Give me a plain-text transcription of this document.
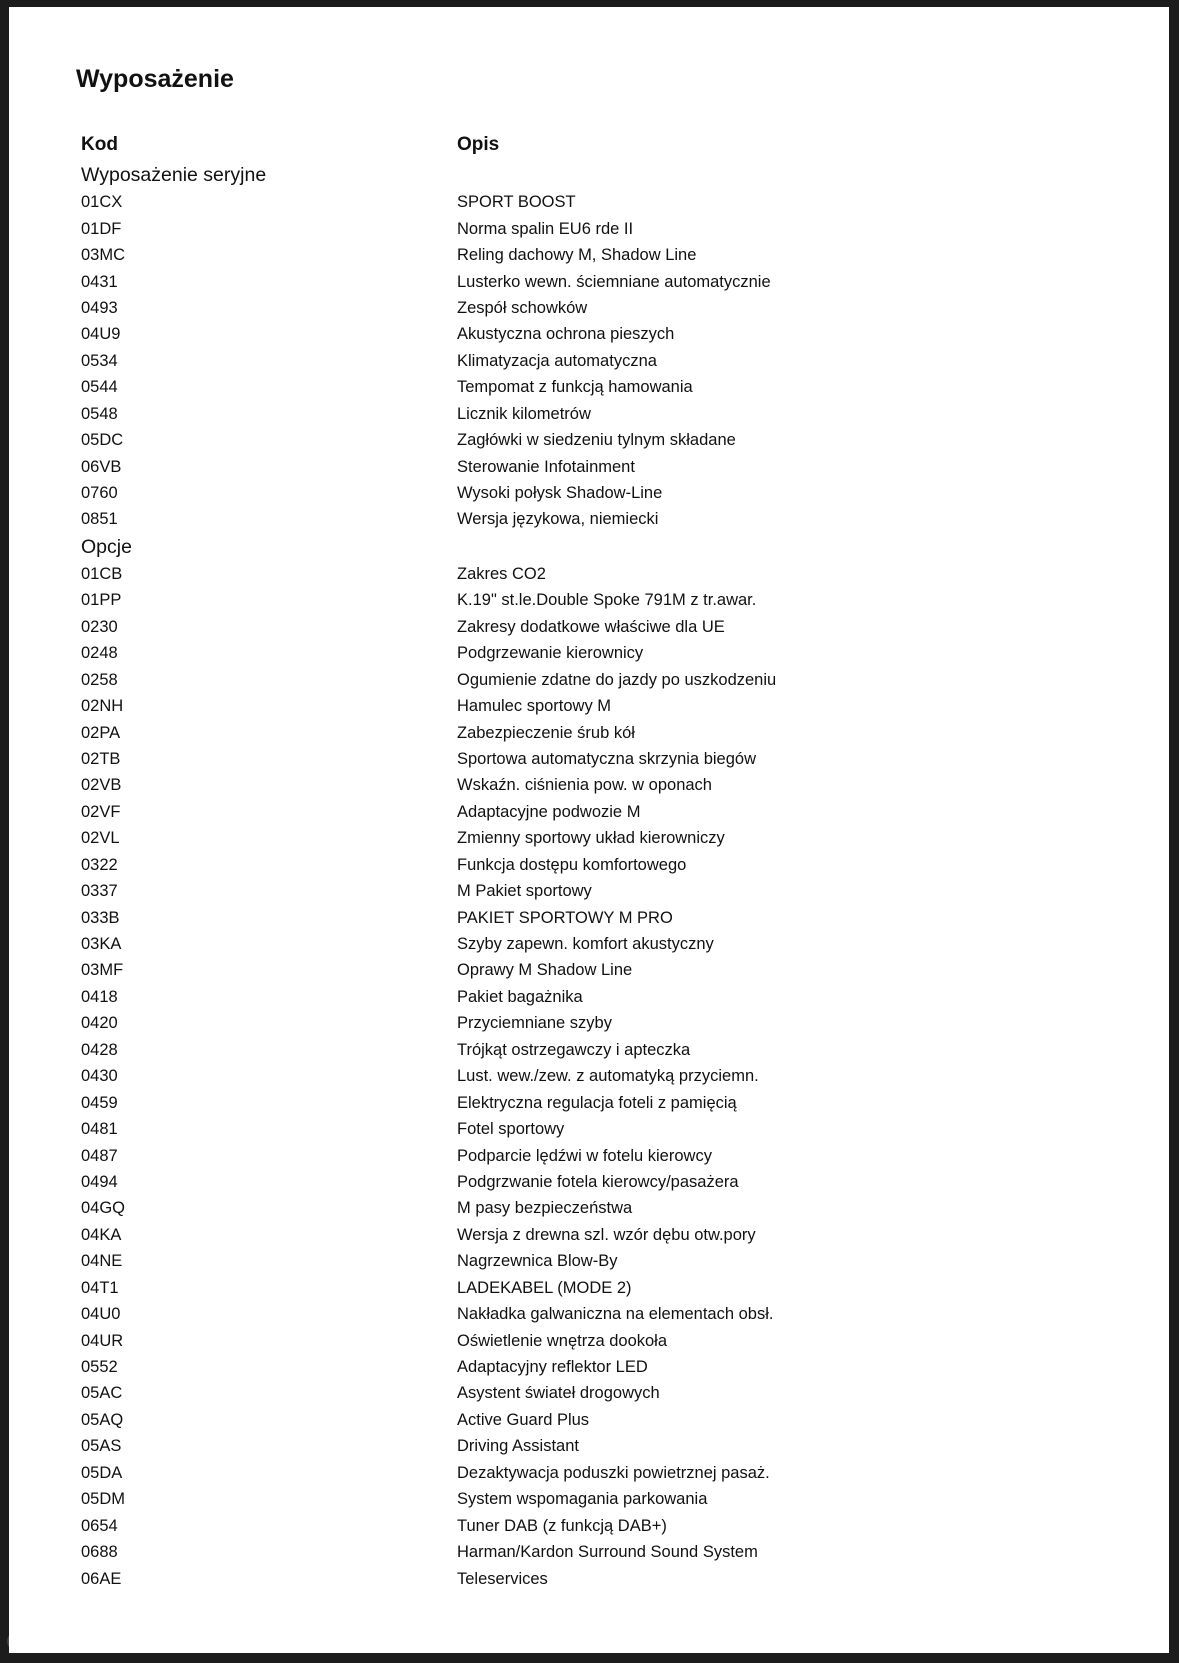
Wyposażenie
Kod	Opis
Wyposażenie seryjne
01CX	SPORT BOOST
01DF	Norma spalin EU6 rde II
03MC	Reling dachowy M, Shadow Line
0431	Lusterko wewn. ściemniane automatycznie
0493	Zespół schowków
04U9	Akustyczna ochrona pieszych
0534	Klimatyzacja automatyczna
0544	Tempomat z funkcją hamowania
0548	Licznik kilometrów
05DC	Zagłówki w siedzeniu tylnym składane
06VB	Sterowanie Infotainment
0760	Wysoki połysk Shadow-Line
0851	Wersja językowa, niemiecki
Opcje
01CB	Zakres CO2
01PP	K.19" st.le.Double Spoke 791M z tr.awar.
0230	Zakresy dodatkowe właściwe dla UE
0248	Podgrzewanie kierownicy
0258	Ogumienie zdatne do jazdy po uszkodzeniu
02NH	Hamulec sportowy M
02PA	Zabezpieczenie śrub kół
02TB	Sportowa automatyczna skrzynia biegów
02VB	Wskaźn. ciśnienia pow. w oponach
02VF	Adaptacyjne podwozie M
02VL	Zmienny sportowy układ kierowniczy
0322	Funkcja dostępu komfortowego
0337	M Pakiet sportowy
033B	PAKIET SPORTOWY M PRO
03KA	Szyby zapewn. komfort akustyczny
03MF	Oprawy M Shadow Line
0418	Pakiet bagażnika
0420	Przyciemniane szyby
0428	Trójkąt ostrzegawczy i apteczka
0430	Lust. wew./zew. z automatyką przyciemn.
0459	Elektryczna regulacja foteli z pamięcią
0481	Fotel sportowy
0487	Podparcie lędźwi w fotelu kierowcy
0494	Podgrzwanie fotela kierowcy/pasażera
04GQ	M pasy bezpieczeństwa
04KA	Wersja z drewna szl. wzór dębu otw.pory
04NE	Nagrzewnica Blow-By
04T1	LADEKABEL (MODE 2)
04U0	Nakładka galwaniczna na elementach obsł.
04UR	Oświetlenie wnętrza dookoła
0552	Adaptacyjny reflektor LED
05AC	Asystent świateł drogowych
05AQ	Active Guard Plus
05AS	Driving Assistant
05DA	Dezaktywacja poduszki powietrznej pasaż.
05DM	System wspomagania parkowania
0654	Tuner DAB (z funkcją DAB+)
0688	Harman/Kardon Surround Sound System
06AE	Teleservices
otomoto
